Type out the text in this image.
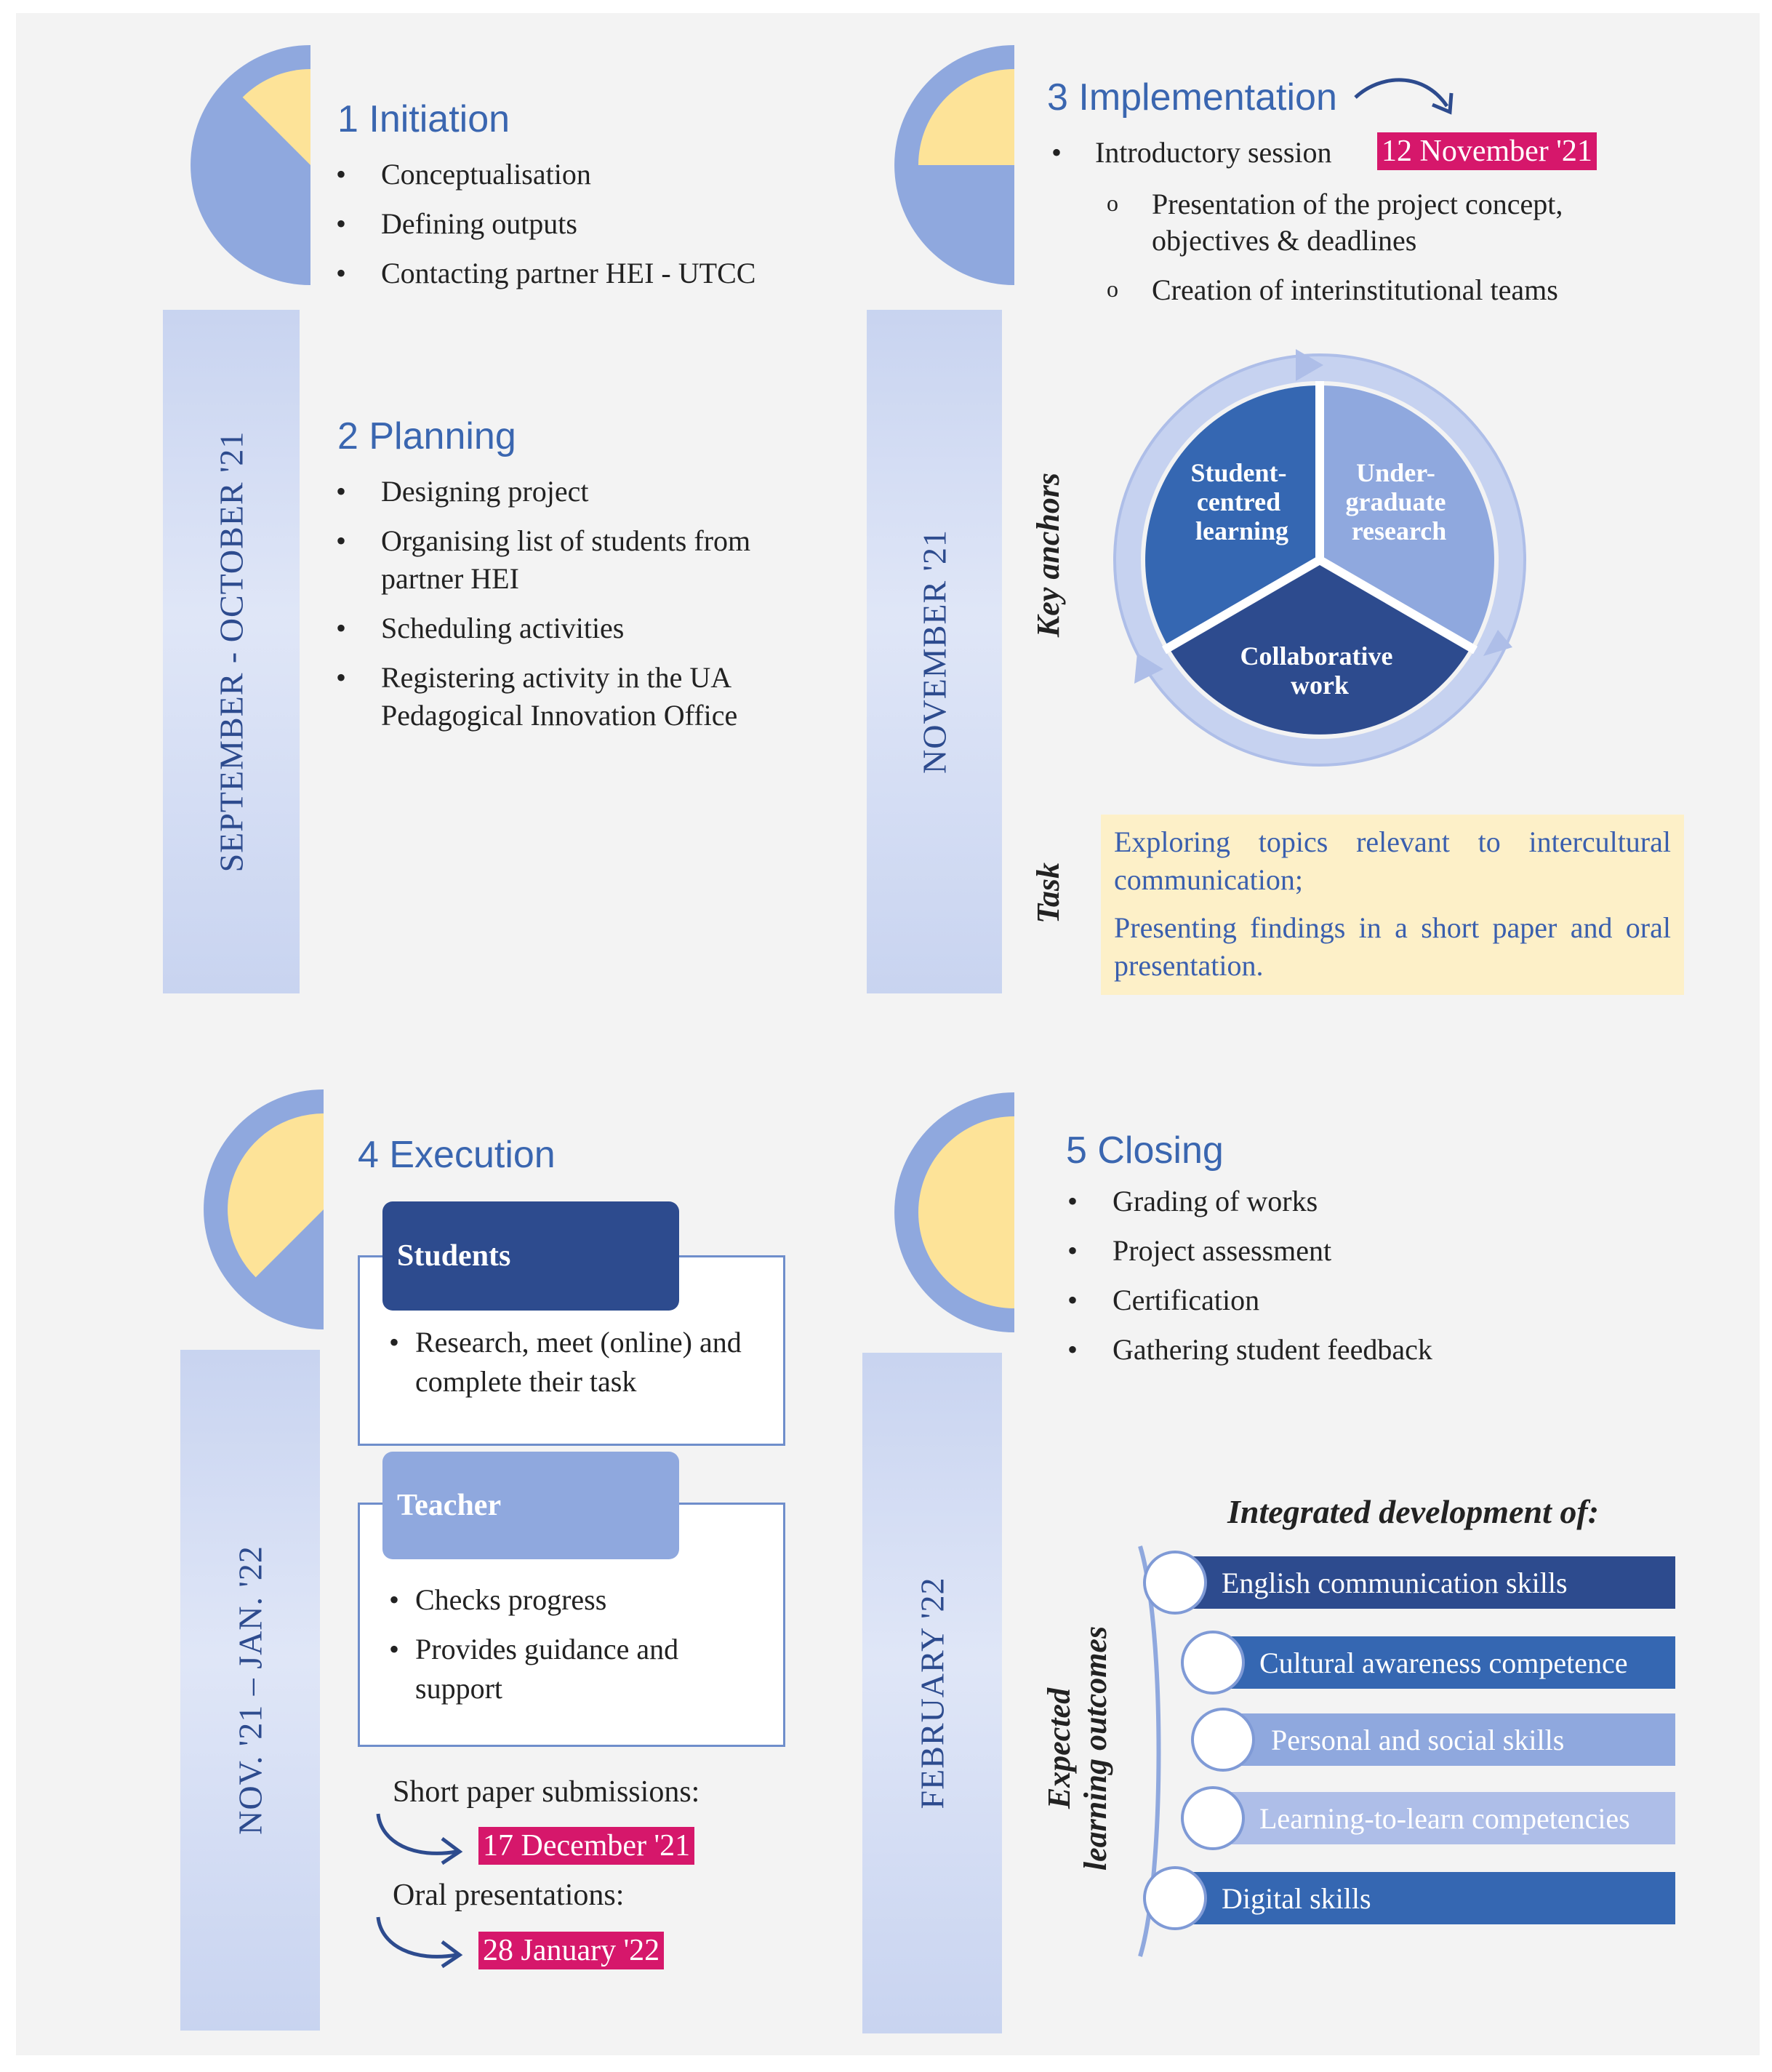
SEPTEMBER - OCTOBER '21
1 Initiation
• Conceptualisation
• Defining outputs
• Contacting partner HEI - UTCC
2 Planning
• Designing project
• Organising list of students from partner HEI
• Scheduling activities
• Registering activity in the UA Pedagogical Innovation Office	NOVEMBER '21
3 Implementation
• Introductory session 12 November '21
o Presentation of the project concept, objectives & deadlines
o Creation of interinstitutional teams
Key anchors	Student- centred learning
Under- graduate research
Collaborative work
Task

Exploring topics relevant to intercultural communication;

Presenting findings in a short paper and oral presentation.

NOV. '21 – JAN. '22
4 Execution
• Research, meet (online) and complete their task
Students
• Checks progress
• Provides guidance and support
Teacher
Short paper submissions:
17 December '21
Oral presentations:
28 January '22
FEBRUARY '22
5 Closing
• Grading of works
• Project assessment
• Certification
• Gathering student feedback
Integrated development of:
Expected learning outcomes
English communication skills
Cultural awareness competence
Personal and social skills
Learning-to-learn competencies
Digital skills
